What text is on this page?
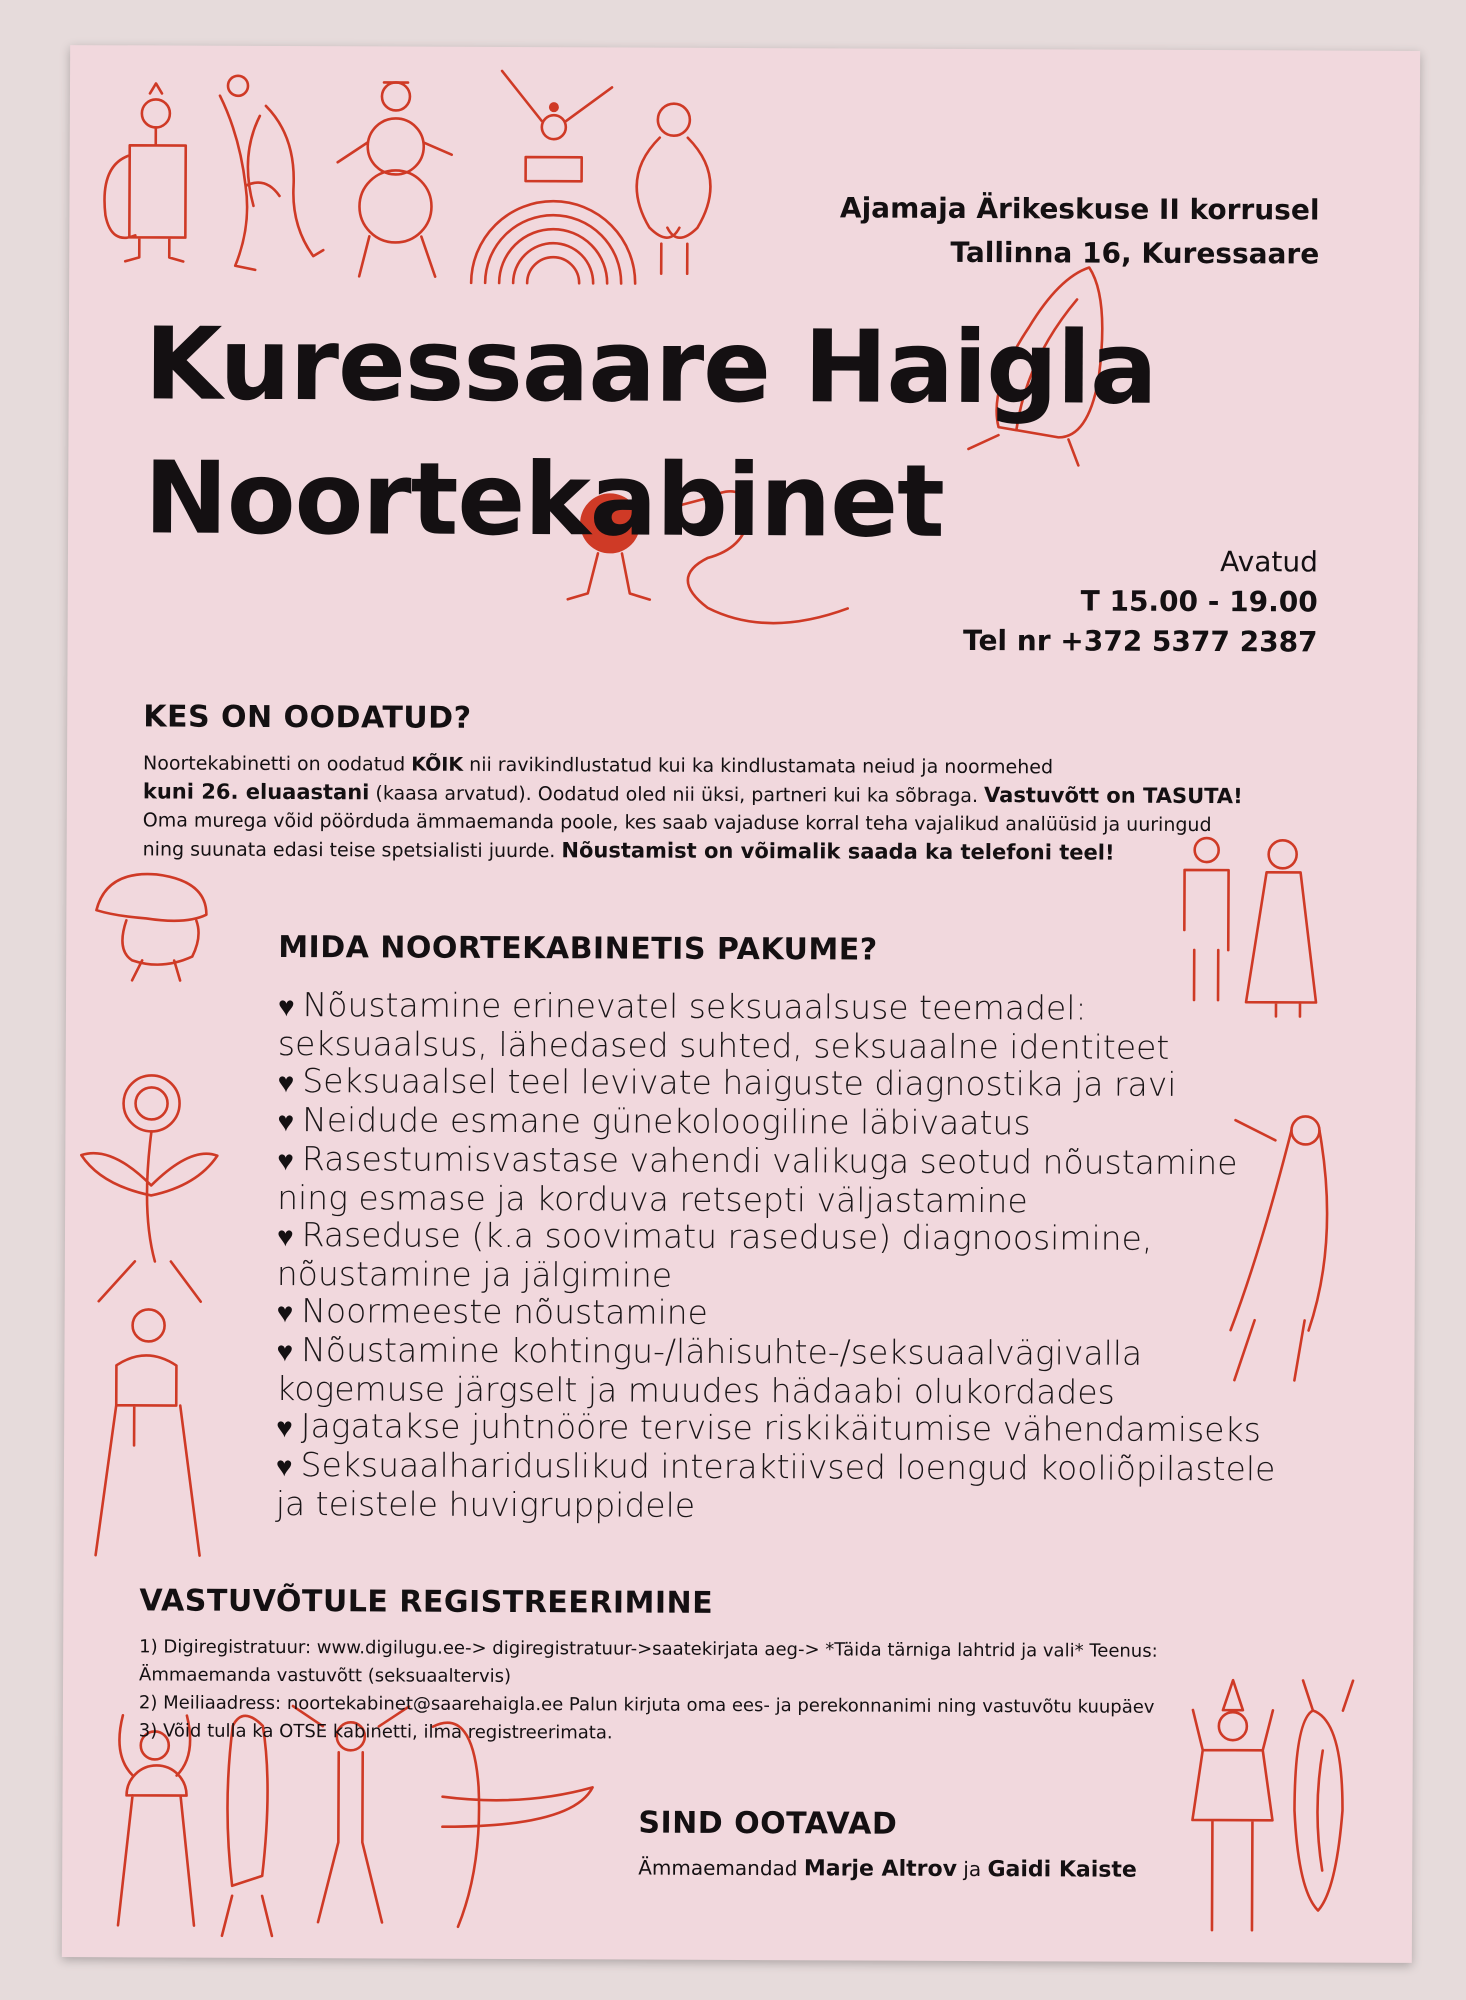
Ajamaja Ärikeskuse II korrusel
Tallinna 16, Kuressaare
Kuressaare Haigla
Noortekabinet
Avatud
T 15.00 - 19.00
Tel nr +372 5377 2387
KES ON OODATUD?
Noortekabinetti on oodatud KÕIK nii ravikindlustatud kui ka kindlustamata neiud ja noormehed
kuni 26. eluaastani (kaasa arvatud). Oodatud oled nii üksi, partneri kui ka sõbraga. Vastuvõtt on TASUTA!
Oma murega võid pöörduda ämmaemanda poole, kes saab vajaduse korral teha vajalikud analüüsid ja uuringud
ning suunata edasi teise spetsialisti juurde. Nõustamist on võimalik saada ka telefoni teel!
MIDA NOORTEKABINETIS PAKUME?
♥ Nõustamine erinevatel seksuaalsuse teemadel:
seksuaalsus, lähedased suhted, seksuaalne identiteet
♥ Seksuaalsel teel levivate haiguste diagnostika ja ravi
♥ Neidude esmane günekoloogiline läbivaatus
♥ Rasestumisvastase vahendi valikuga seotud nõustamine
ning esmase ja korduva retsepti väljastamine
♥ Raseduse (k.a soovimatu raseduse) diagnoosimine,
nõustamine ja jälgimine
♥ Noormeeste nõustamine
♥ Nõustamine kohtingu-/lähisuhte-/seksuaalvägivalla
kogemuse järgselt ja muudes hädaabi olukordades
♥ Jagatakse juhtnööre tervise riskikäitumise vähendamiseks
♥ Seksuaalhariduslikud interaktiivsed loengud kooliõpilastele
ja teistele huvigruppidele
VASTUVÕTULE REGISTREERIMINE
1) Digiregistratuur: www.digilugu.ee-> digiregistratuur->saatekirjata aeg-> *Täida tärniga lahtrid ja vali* Teenus:
Ämmaemanda vastuvõtt (seksuaaltervis)
2) Meiliaadress: noortekabinet@saarehaigla.ee Palun kirjuta oma ees- ja perekonnanimi ning vastuvõtu kuupäev
3) Võid tulla ka OTSE kabinetti, ilma registreerimata.
SIND OOTAVAD
Ämmaemandad Marje Altrov ja Gaidi Kaiste
